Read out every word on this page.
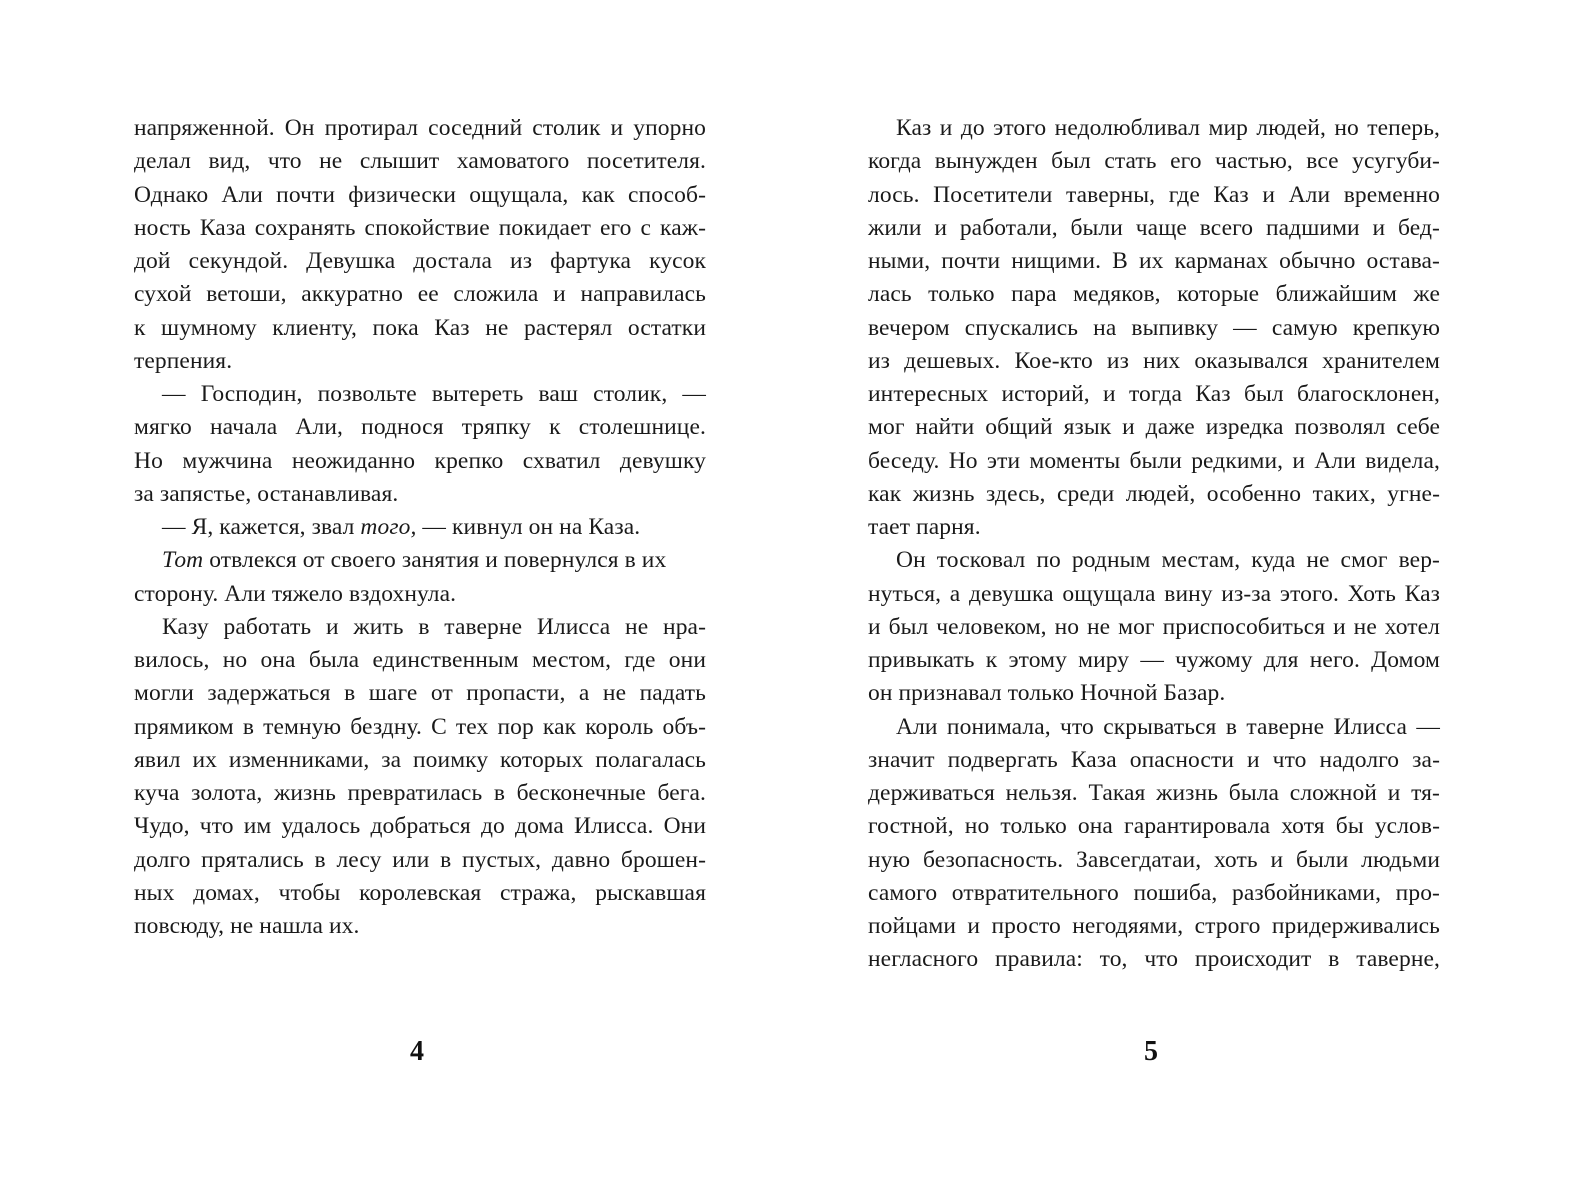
напряженной. Он протирал соседний столик и упорно
делал вид, что не слышит хамоватого посетителя.
Однако Али почти физически ощущала, как способ-
ность Каза сохранять спокойствие покидает его с каж-
дой секундой. Девушка достала из фартука кусок
сухой ветоши, аккуратно ее сложила и направилась
к шумному клиенту, пока Каз не растерял остатки
терпения.
— Господин, позвольте вытереть ваш столик, —
мягко начала Али, поднося тряпку к столешнице.
Но мужчина неожиданно крепко схватил девушку
за запястье, останавливая.
— Я, кажется, звал того, — кивнул он на Каза.
Тот отвлекся от своего занятия и повернулся в их
сторону. Али тяжело вздохнула.
Казу работать и жить в таверне Илисса не нра-
вилось, но она была единственным местом, где они
могли задержаться в шаге от пропасти, а не падать
прямиком в темную бездну. С тех пор как король объ-
явил их изменниками, за поимку которых полагалась
куча золота, жизнь превратилась в бесконечные бега.
Чудо, что им удалось добраться до дома Илисса. Они
долго прятались в лесу или в пустых, давно брошен-
ных домах, чтобы королевская стража, рыскавшая
повсюду, не нашла их.
4
Каз и до этого недолюбливал мир людей, но теперь,
когда вынужден был стать его частью, все усугуби-
лось. Посетители таверны, где Каз и Али временно
жили и работали, были чаще всего падшими и бед-
ными, почти нищими. В их карманах обычно остава-
лась только пара медяков, которые ближайшим же
вечером спускались на выпивку — самую крепкую
из дешевых. Кое-кто из них оказывался хранителем
интересных историй, и тогда Каз был благосклонен,
мог найти общий язык и даже изредка позволял себе
беседу. Но эти моменты были редкими, и Али видела,
как жизнь здесь, среди людей, особенно таких, угне-
тает парня.
Он тосковал по родным местам, куда не смог вер-
нуться, а девушка ощущала вину из-за этого. Хоть Каз
и был человеком, но не мог приспособиться и не хотел
привыкать к этому миру — чужому для него. Домом
он признавал только Ночной Базар.
Али понимала, что скрываться в таверне Илисса —
значит подвергать Каза опасности и что надолго за-
держиваться нельзя. Такая жизнь была сложной и тя-
гостной, но только она гарантировала хотя бы услов-
ную безопасность. Завсегдатаи, хоть и были людьми
самого отвратительного пошиба, разбойниками, про-
пойцами и просто негодяями, строго придерживались
негласного правила: то, что происходит в таверне,
5
